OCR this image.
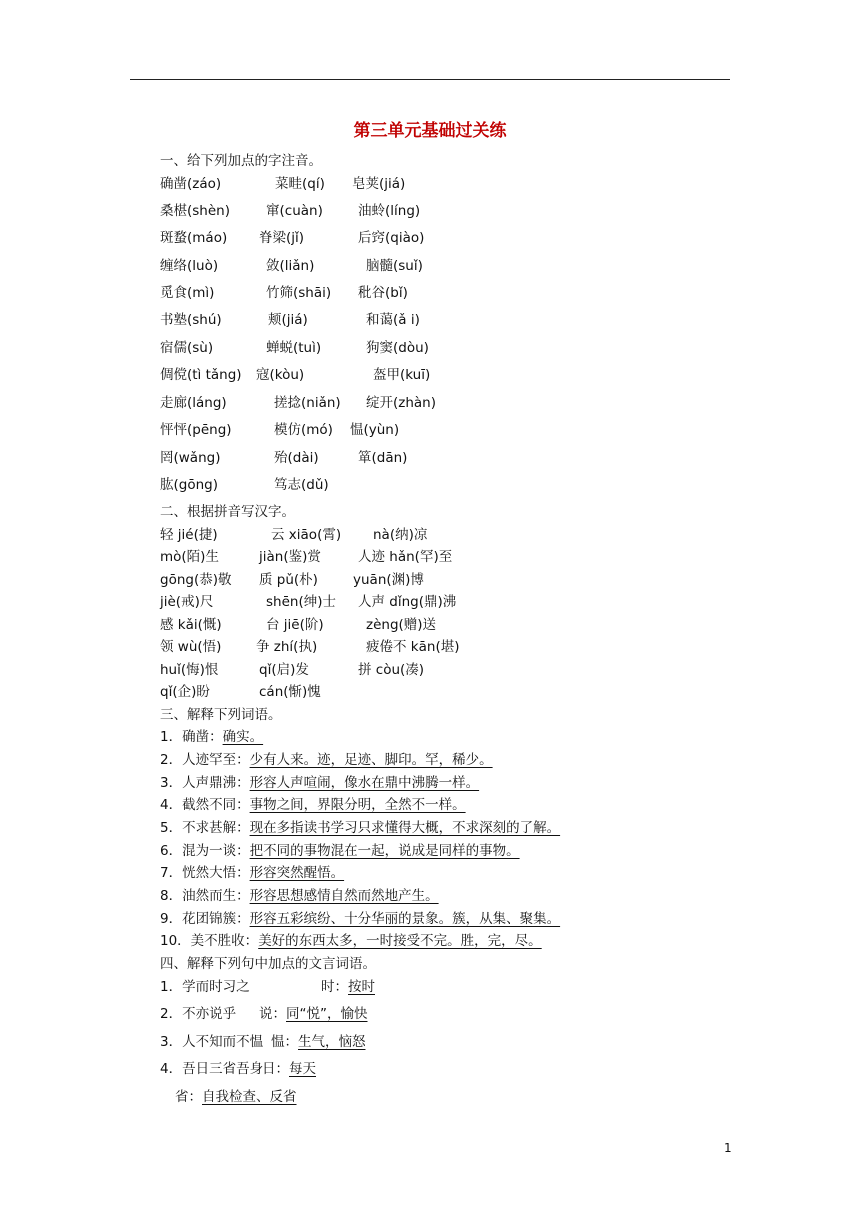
第三单元基础过关练
一、给下列加点的字注音。
确凿(záo)	菜畦(qí) 皂荚(jiá)
桑椹(shèn)	窜(cuàn)	油蛉(líng)
斑蝥(máo) 脊梁(jǐ)	后窍(qiào)
缠络(luò)	敛(liǎn)	脑髓(suǐ)
觅食(mì)	竹筛(shāi) 秕谷(bǐ)
书塾(shú)	颊(jiá)	和蔼(ǎ i)
宿儒(sù)	蝉蜕(tuì)	狗窦(dòu)
倜傥(tì tǎng) 寇(kòu)	盔甲(kuī)
走廊(láng)	搓捻(niǎn) 绽开(zhàn)
怦怦(pēng)	模仿(mó) 愠(yùn)
罔(wǎng)	殆(dài)	箪(dān)
肱(gōng)	笃志(dǔ)
二、根据拼音写汉字。
轻 jié(捷)	云 xiāo(霄) nà(纳)凉
mò(陌)生	jiàn(鉴)赏	人迹 hǎn(罕)至
gōng(恭)敬 质 pǔ(朴)	yuān(渊)博
jiè(戒)尺	shēn(绅)士 人声 dǐng(鼎)沸
感 kǎi(慨)	台 jiē(阶)	zèng(赠)送
领 wù(悟)	争 zhí(执)	疲倦不 kān(堪)
huǐ(悔)恨	qǐ(启)发	拼 còu(凑)
qǐ(企)盼	cán(惭)愧
三、解释下列词语。
1．确凿：确实。
2．人迹罕至：少有人来。迹，足迹、脚印。罕，稀少。
3．人声鼎沸：形容人声喧闹，像水在鼎中沸腾一样。
4．截然不同：事物之间，界限分明，全然不一样。
5．不求甚解：现在多指读书学习只求懂得大概，不求深刻的了解。
6．混为一谈：把不同的事物混在一起，说成是同样的事物。
7．恍然大悟：形容突然醒悟。
8．油然而生：形容思想感情自然而然地产生。
9．花团锦簇：形容五彩缤纷、十分华丽的景象。簇，从集、聚集。
10．美不胜收：美好的东西太多，一时接受不完。胜，完，尽。
四、解释下列句中加点的文言词语。
1．学而时习之	时：按时
2．不亦说乎 说：同“悦”，愉快
3．人不知而不愠 愠：生气，恼怒
4．吾日三省吾身
日：每天
省：自我检查、反省
1
